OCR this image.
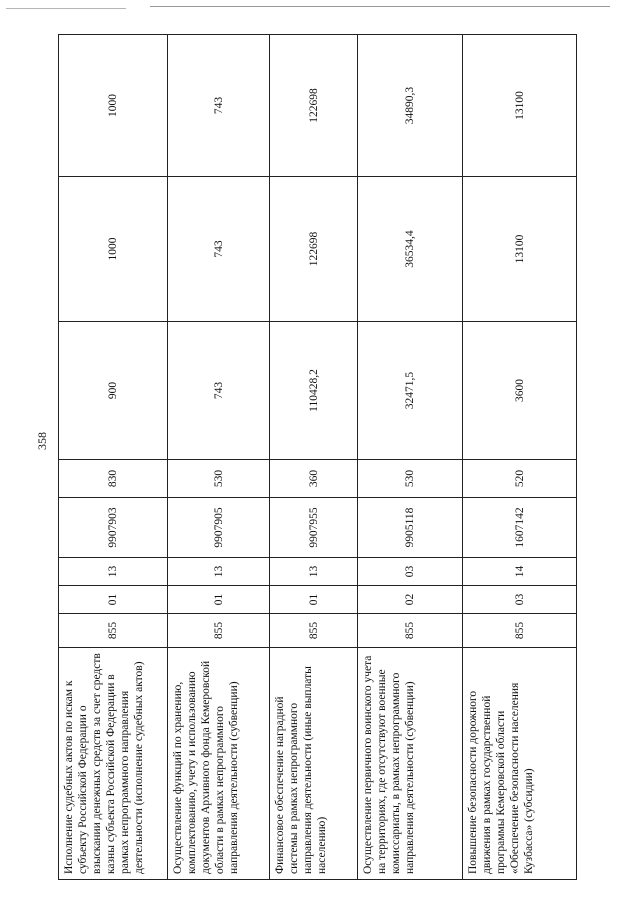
358
Исполнение судебных актов по искам к субъекту Российской Федерации о взыскании денежных средств за счет средств казны субъекта Российской Федерации в рамках непрограммного направления деятельности (исполнение судебных актов)	855	01	13	9907903	830	900	1000	1000
Осуществление функций по хранению, комплектованию, учету и использованию документов Архивного фонда Кемеровской области в рамках непрограммного направления деятельности (субвенции)	855	01	13	9907905	530	743	743	743
Финансовое обеспечение наградной системы в рамках непрограммного направления деятельности (иные выплаты населению)	855	01	13	9907955	360	110428,2	122698	122698
Осуществление первичного воинского учета на территориях, где отсутствуют военные комиссариаты, в рамках непрограммного направления деятельности (субвенции)	855	02	03	9905118	530	32471,5	36534,4	34890,3
Повышение безопасности дорожного движения в рамках государственной программы Кемеровской области «Обеспечение безопасности населения Кузбасса» (субсидии)	855	03	14	1607142	520	3600	13100	13100
